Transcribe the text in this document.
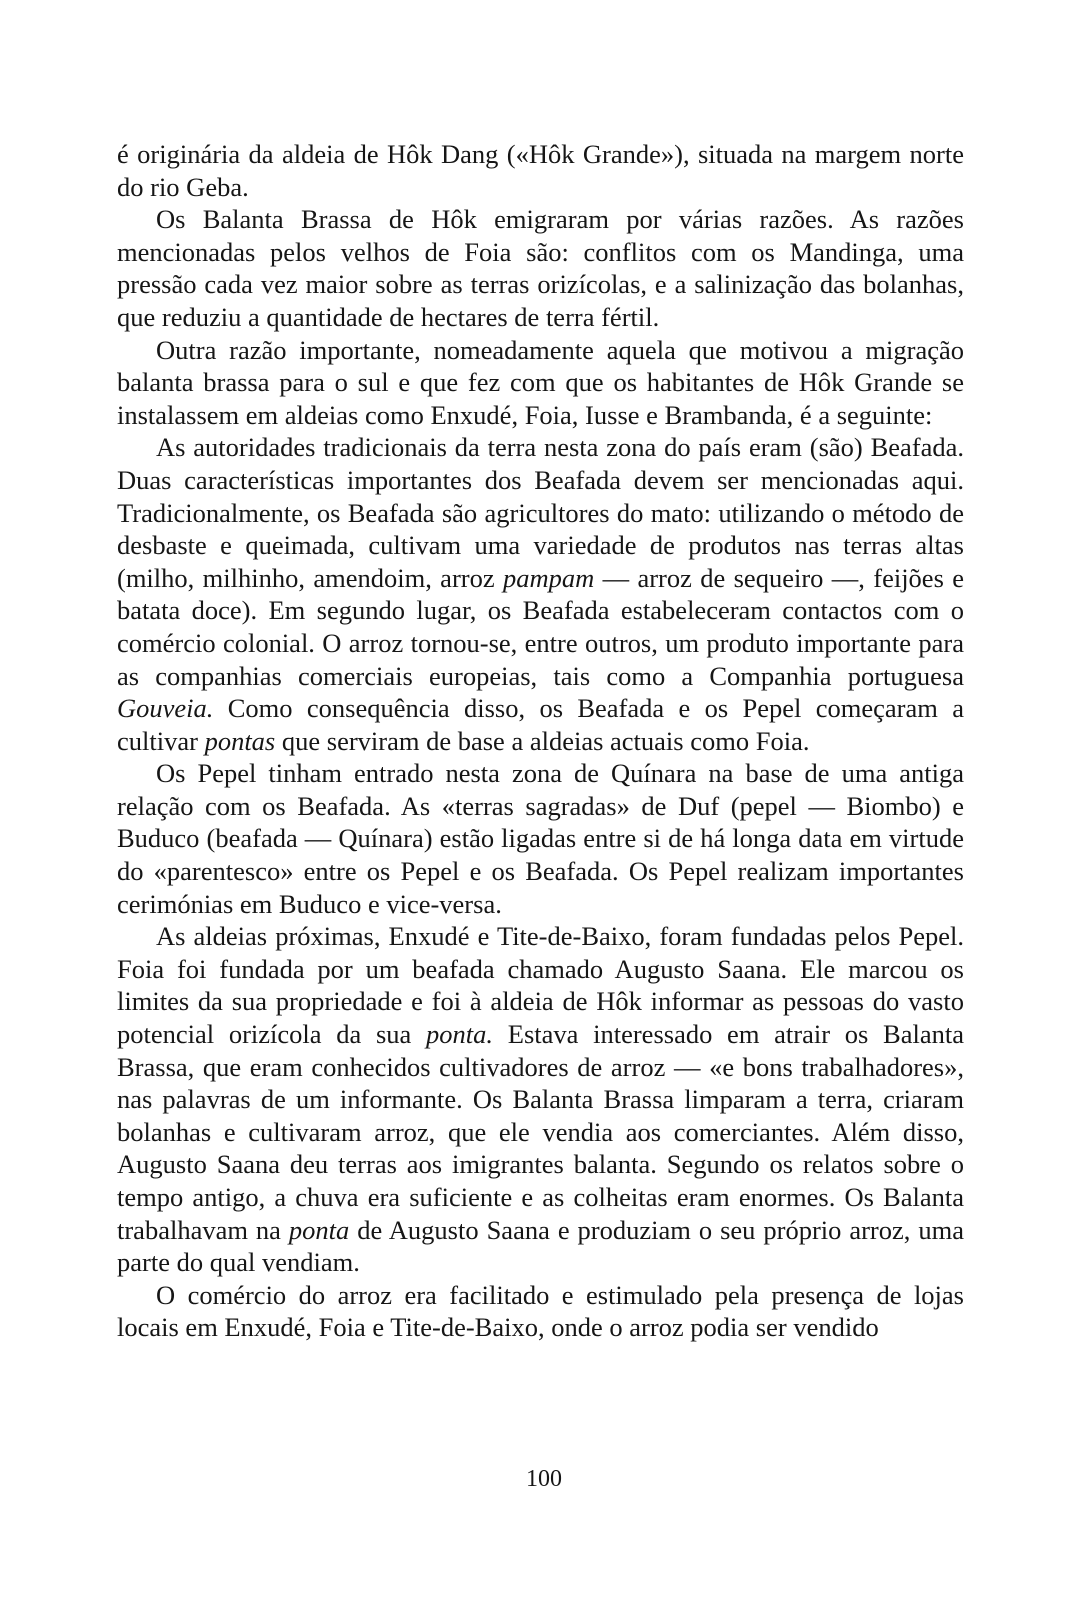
é originária da aldeia de Hôk Dang («Hôk Grande»), situada na margem norte do rio Geba.

Os Balanta Brassa de Hôk emigraram por várias razões. As razões mencionadas pelos velhos de Foia são: conflitos com os Mandinga, uma pressão cada vez maior sobre as terras orizícolas, e a salinização das bolanhas, que reduziu a quantidade de hectares de terra fértil.

Outra razão importante, nomeadamente aquela que motivou a migração balanta brassa para o sul e que fez com que os habitantes de Hôk Grande se instalassem em aldeias como Enxudé, Foia, Iusse e Brambanda, é a seguinte:

As autoridades tradicionais da terra nesta zona do país eram (são) Beafada. Duas características importantes dos Beafada devem ser mencionadas aqui. Tradicionalmente, os Beafada são agricultores do mato: utilizando o método de desbaste e queimada, cultivam uma variedade de produtos nas terras altas (milho, milhinho, amendoim, arroz pampam — arroz de sequeiro —, feijões e batata doce). Em segundo lugar, os Beafada estabeleceram contactos com o comércio colonial. O arroz tornou-se, entre outros, um produto importante para as companhias comerciais europeias, tais como a Companhia portuguesa Gouveia. Como consequência disso, os Beafada e os Pepel começaram a cultivar pontas que serviram de base a aldeias actuais como Foia.

Os Pepel tinham entrado nesta zona de Quínara na base de uma antiga relação com os Beafada. As «terras sagradas» de Duf (pepel — Biombo) e Buduco (beafada — Quínara) estão ligadas entre si de há longa data em virtude do «parentesco» entre os Pepel e os Beafada. Os Pepel realizam importantes cerimónias em Buduco e vice-versa.

As aldeias próximas, Enxudé e Tite-de-Baixo, foram fundadas pelos Pepel. Foia foi fundada por um beafada chamado Augusto Saana. Ele marcou os limites da sua propriedade e foi à aldeia de Hôk informar as pessoas do vasto potencial orizícola da sua ponta. Estava interessado em atrair os Balanta Brassa, que eram conhecidos cultivadores de arroz — «e bons trabalhadores», nas palavras de um informante. Os Balanta Brassa limparam a terra, criaram bolanhas e cultivaram arroz, que ele vendia aos comerciantes. Além disso, Augusto Saana deu terras aos imigrantes balanta. Segundo os relatos sobre o tempo antigo, a chuva era suficiente e as colheitas eram enormes. Os Balanta trabalhavam na ponta de Augusto Saana e produziam o seu próprio arroz, uma parte do qual vendiam.

O comércio do arroz era facilitado e estimulado pela presença de lojas locais em Enxudé, Foia e Tite-de-Baixo, onde o arroz podia ser vendido

100
